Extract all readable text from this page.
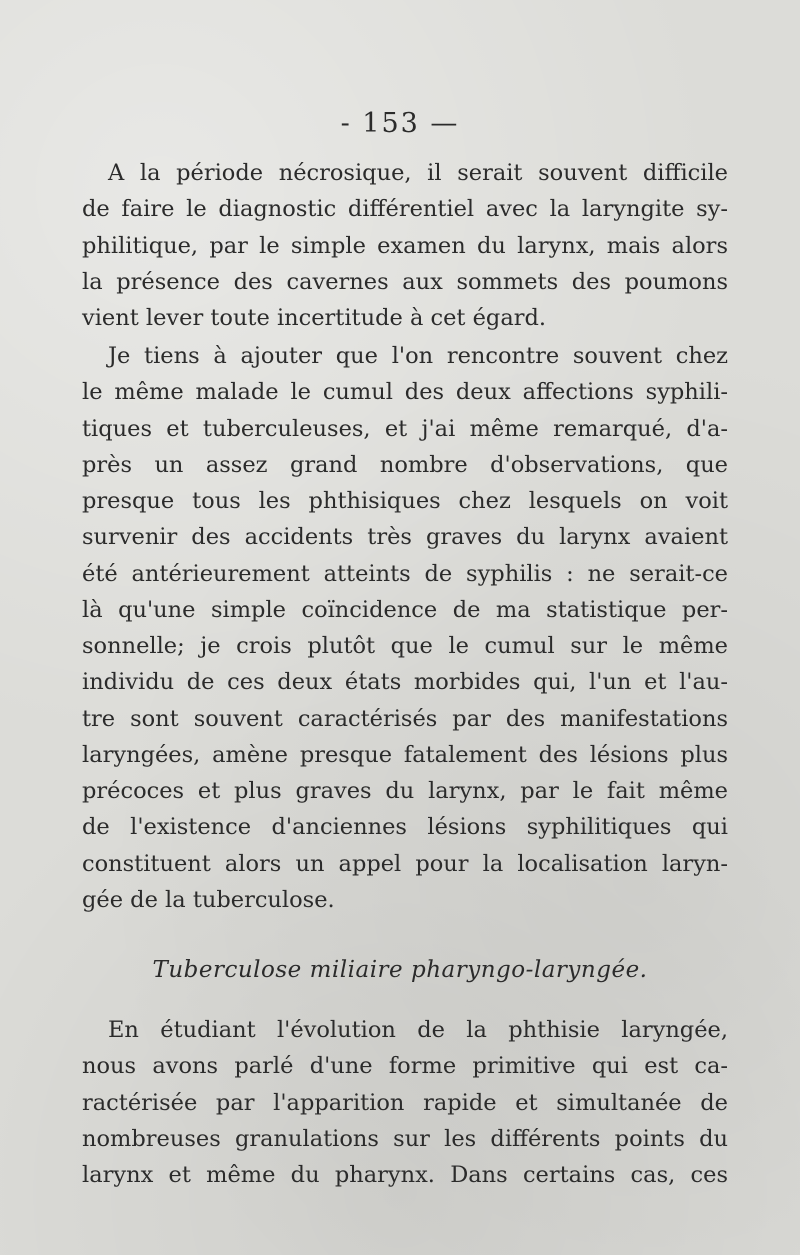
- 153 —

A la période nécrosique, il serait souvent difficile
de faire le diagnostic différentiel avec la laryngite sy-
philitique, par le simple examen du larynx, mais alors
la présence des cavernes aux sommets des poumons
vient lever toute incertitude à cet égard.

Je tiens à ajouter que l'on rencontre souvent chez
le même malade le cumul des deux affections syphili-
tiques et tuberculeuses, et j'ai même remarqué, d'a-
près un assez grand nombre d'observations, que
presque tous les phthisiques chez lesquels on voit
survenir des accidents très graves du larynx avaient
été antérieurement atteints de syphilis : ne serait-ce
là qu'une simple coïncidence de ma statistique per-
sonnelle; je crois plutôt que le cumul sur le même
individu de ces deux états morbides qui, l'un et l'au-
tre sont souvent caractérisés par des manifestations
laryngées, amène presque fatalement des lésions plus
précoces et plus graves du larynx, par le fait même
de l'existence d'anciennes lésions syphilitiques qui
constituent alors un appel pour la localisation laryn-
gée de la tuberculose.

Tuberculose miliaire pharyngo-laryngée.

En étudiant l'évolution de la phthisie laryngée,
nous avons parlé d'une forme primitive qui est ca-
ractérisée par l'apparition rapide et simultanée de
nombreuses granulations sur les différents points du
larynx et même du pharynx. Dans certains cas, ces
